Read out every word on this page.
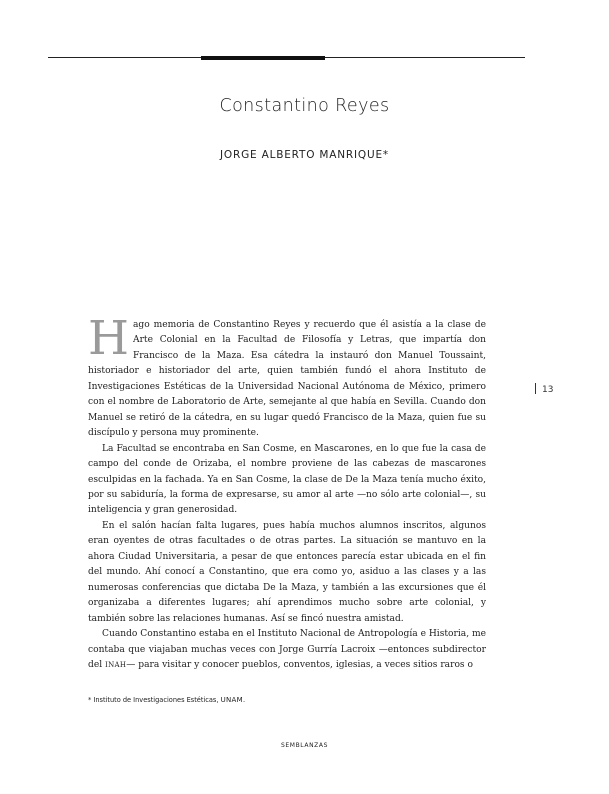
Constantino Reyes
JORGE ALBERTO MANRIQUE*

Hago memoria de Constantino Reyes y recuerdo que él asistía a la clase de Arte Colonial en la Facultad de Filosofía y Letras, que impartía don Francisco de la Maza. Esa cátedra la instauró don Manuel Toussaint, historiador e historiador del arte, quien también fundó el ahora Instituto de Investigaciones Estéticas de la Universidad Nacional Autónoma de México, primero con el nombre de Laboratorio de Arte, semejante al que había en Sevilla. Cuando don Manuel se retiró de la cátedra, en su lugar quedó Francisco de la Maza, quien fue su discípulo y persona muy prominente.

La Facultad se encontraba en San Cosme, en Mascarones, en lo que fue la casa de campo del conde de Orizaba, el nombre proviene de las cabezas de mascarones esculpidas en la fachada. Ya en San Cosme, la clase de De la Maza tenía mucho éxito, por su sabiduría, la forma de expresarse, su amor al arte —no sólo arte colonial—, su inteligencia y gran generosidad.

En el salón hacían falta lugares, pues había muchos alumnos inscritos, algunos eran oyentes de otras facultades o de otras partes. La situación se mantuvo en la ahora Ciudad Universitaria, a pesar de que entonces parecía estar ubicada en el fin del mundo. Ahí conocí a Constantino, que era como yo, asiduo a las clases y a las numerosas conferencias que dictaba De la Maza, y también a las excursiones que él organizaba a diferentes lugares; ahí aprendimos mucho sobre arte colonial, y también sobre las relaciones humanas. Así se fincó nuestra amistad.

Cuando Constantino estaba en el Instituto Nacional de Antropología e Historia, me contaba que viajaban muchas veces con Jorge Gurría Lacroix —entonces subdirector del INAH— para visitar y conocer pueblos, conventos, iglesias, a veces sitios raros o

13
* Instituto de Investigaciones Estéticas, UNAM.
SEMBLANZAS
